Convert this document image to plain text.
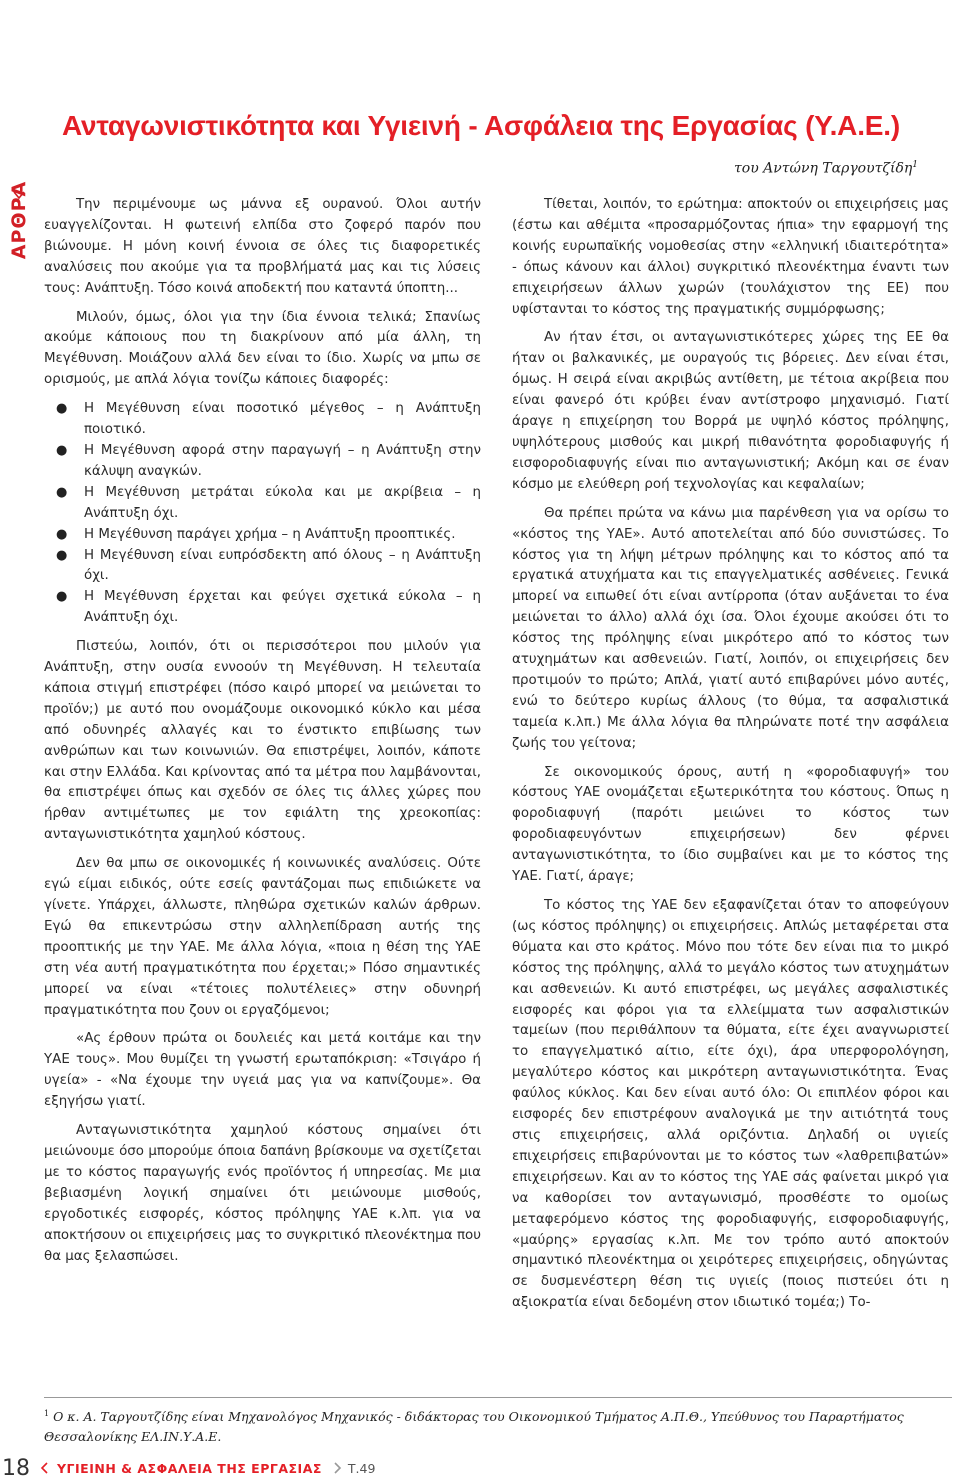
ΑΡΘΡΑ
Ανταγωνιστικότητα και Υγιεινή - Ασφάλεια της Εργασίας (Υ.Α.Ε.)
του Αντώνη Ταργουτζίδη$^1$

Την περιμένουμε ως μάννα εξ ουρανού. Όλοι αυτήν ευαγγελίζονται. Η φωτεινή ελπίδα στο ζοφερό παρόν που βιώνουμε. Η μόνη κοινή έννοια σε όλες τις διαφορετικές αναλύσεις που ακούμε για τα προβλήματά μας και τις λύσεις τους: Ανάπτυξη. Τόσο κοινά αποδεκτή που καταντά ύποπτη...

Μιλούν, όμως, όλοι για την ίδια έννοια τελικά; Σπανίως ακούμε κάποιους που τη διακρίνουν από μία άλλη, τη Μεγέθυνση. Μοιάζουν αλλά δεν είναι το ίδιο. Χωρίς να μπω σε ορισμούς, με απλά λόγια τονίζω κάποιες διαφορές:

● Η Μεγέθυνση είναι ποσοτικό μέγεθος – η Ανάπτυξη ποιοτικό.
● Η Μεγέθυνση αφορά στην παραγωγή – η Ανάπτυξη στην κάλυψη αναγκών.
● Η Μεγέθυνση μετράται εύκολα και με ακρίβεια – η Ανάπτυξη όχι.
● Η Μεγέθυνση παράγει χρήμα – η Ανάπτυξη προοπτικές.
● Η Μεγέθυνση είναι ευπρόσδεκτη από όλους – η Ανάπτυξη όχι.
● Η Μεγέθυνση έρχεται και φεύγει σχετικά εύκολα – η Ανάπτυξη όχι.

Πιστεύω, λοιπόν, ότι οι περισσότεροι που μιλούν για Ανάπτυξη, στην ουσία εννοούν τη Μεγέθυνση. Η τελευταία κάποια στιγμή επιστρέφει (πόσο καιρό μπορεί να μειώνεται το προϊόν;) με αυτό που ονομάζουμε οικονομικό κύκλο και μέσα από οδυνηρές αλλαγές και το ένστικτο επιβίωσης των ανθρώπων και των κοινωνιών. Θα επιστρέψει, λοιπόν, κάποτε και στην Ελλάδα. Και κρίνοντας από τα μέτρα που λαμβάνονται, θα επιστρέψει όπως και σχεδόν σε όλες τις άλλες χώρες που ήρθαν αντιμέτωπες με τον εφιάλτη της χρεοκοπίας: ανταγωνιστικότητα χαμηλού κόστους.

Δεν θα μπω σε οικονομικές ή κοινωνικές αναλύσεις. Ούτε εγώ είμαι ειδικός, ούτε εσείς φαντάζομαι πως επιδιώκετε να γίνετε. Υπάρχει, άλλωστε, πληθώρα σχετικών καλών άρθρων. Εγώ θα επικεντρώσω στην αλληλεπίδραση αυτής της προοπτικής με την ΥΑΕ. Με άλλα λόγια, «ποια η θέση της ΥΑΕ στη νέα αυτή πραγματικότητα που έρχεται;» Πόσο σημαντικές μπορεί να είναι «τέτοιες πολυτέλειες» στην οδυνηρή πραγματικότητα που ζουν οι εργαζόμενοι;

«Ας έρθουν πρώτα οι δουλειές και μετά κοιτάμε και την ΥΑΕ τους». Μου θυμίζει τη γνωστή ερωταπόκριση: «Τσιγάρο ή υγεία» - «Να έχουμε την υγειά μας για να καπνίζουμε». Θα εξηγήσω γιατί.

Ανταγωνιστικότητα χαμηλού κόστους σημαίνει ότι μειώνουμε όσο μπορούμε όποια δαπάνη βρίσκουμε να σχετίζεται με το κόστος παραγωγής ενός προϊόντος ή υπηρεσίας. Με μια βεβιασμένη λογική σημαίνει ότι μειώνουμε μισθούς, εργοδοτικές εισφορές, κόστος πρόληψης ΥΑΕ κ.λπ. για να αποκτήσουν οι επιχειρήσεις μας το συγκριτικό πλεονέκτημα που θα μας ξελασπώσει.

Τίθεται, λοιπόν, το ερώτημα: αποκτούν οι επιχειρήσεις μας (έστω και αθέμιτα «προσαρμόζοντας ήπια» την εφαρμογή της κοινής ευρωπαϊκής νομοθεσίας στην «ελληνική ιδιαιτερότητα» - όπως κάνουν και άλλοι) συγκριτικό πλεονέκτημα έναντι των επιχειρήσεων άλλων χωρών (τουλάχιστον της ΕΕ) που υφίστανται το κόστος της πραγματικής συμμόρφωσης;

Αν ήταν έτσι, οι ανταγωνιστικότερες χώρες της ΕΕ θα ήταν οι βαλκανικές, με ουραγούς τις βόρειες. Δεν είναι έτσι, όμως. Η σειρά είναι ακριβώς αντίθετη, με τέτοια ακρίβεια που είναι φανερό ότι κρύβει έναν αντίστροφο μηχανισμό. Γιατί άραγε η επιχείρηση του Βορρά με υψηλό κόστος πρόληψης, υψηλότερους μισθούς και μικρή πιθανότητα φοροδιαφυγής ή εισφοροδιαφυγής είναι πιο ανταγωνιστική; Ακόμη και σε έναν κόσμο με ελεύθερη ροή τεχνολογίας και κεφαλαίων;

Θα πρέπει πρώτα να κάνω μια παρένθεση για να ορίσω το «κόστος της ΥΑΕ». Αυτό αποτελείται από δύο συνιστώσες. Το κόστος για τη λήψη μέτρων πρόληψης και το κόστος από τα εργατικά ατυχήματα και τις επαγγελματικές ασθένειες. Γενικά μπορεί να ειπωθεί ότι είναι αντίρροπα (όταν αυξάνεται το ένα μειώνεται το άλλο) αλλά όχι ίσα. Όλοι έχουμε ακούσει ότι το κόστος της πρόληψης είναι μικρότερο από το κόστος των ατυχημάτων και ασθενειών. Γιατί, λοιπόν, οι επιχειρήσεις δεν προτιμούν το πρώτο; Απλά, γιατί αυτό επιβαρύνει μόνο αυτές, ενώ το δεύτερο κυρίως άλλους (το θύμα, τα ασφαλιστικά ταμεία κ.λπ.) Με άλλα λόγια θα πληρώνατε ποτέ την ασφάλεια ζωής του γείτονα;

Σε οικονομικούς όρους, αυτή η «φοροδιαφυγή» του κόστους ΥΑΕ ονομάζεται εξωτερικότητα του κόστους. Όπως η φοροδιαφυγή (παρότι μειώνει το κόστος των φοροδιαφευγόντων επιχειρήσεων) δεν φέρνει ανταγωνιστικότητα, το ίδιο συμβαίνει και με το κόστος της ΥΑΕ. Γιατί, άραγε;

Το κόστος της ΥΑΕ δεν εξαφανίζεται όταν το αποφεύγουν (ως κόστος πρόληψης) οι επιχειρήσεις. Απλώς μεταφέρεται στα θύματα και στο κράτος. Μόνο που τότε δεν είναι πια το μικρό κόστος της πρόληψης, αλλά το μεγάλο κόστος των ατυχημάτων και ασθενειών. Κι αυτό επιστρέφει, ως μεγάλες ασφαλιστικές εισφορές και φόροι για τα ελλείμματα των ασφαλιστικών ταμείων (που περιθάλπουν τα θύματα, είτε έχει αναγνωριστεί το επαγγελματικό αίτιο, είτε όχι), άρα υπερφορολόγηση, μεγαλύτερο κόστος και μικρότερη ανταγωνιστικότητα. Ένας φαύλος κύκλος. Και δεν είναι αυτό όλο: Οι επιπλέον φόροι και εισφορές δεν επιστρέφουν αναλογικά με την αιτιότητά τους στις επιχειρήσεις, αλλά οριζόντια. Δηλαδή οι υγιείς επιχειρήσεις επιβαρύνονται με το κόστος των «λαθρεπιβατών» επιχειρήσεων. Και αν το κόστος της ΥΑΕ σάς φαίνεται μικρό για να καθορίσει τον ανταγωνισμό, προσθέστε το ομοίως μεταφερόμενο κόστος της φοροδιαφυγής, εισφοροδιαφυγής, «μαύρης» εργασίας κ.λπ. Με τον τρόπο αυτό αποκτούν σημαντικό πλεονέκτημα οι χειρότερες επιχειρήσεις, οδηγώντας σε δυσμενέστερη θέση τις υγιείς (ποιος πιστεύει ότι η αξιοκρατία είναι δεδομένη στον ιδιωτικό τομέα;) Το-

$^1$ Ο κ. Α. Ταργουτζίδης είναι Μηχανολόγος Μηχανικός - διδάκτορας του Οικονομικού Τμήματος Α.Π.Θ., Υπεύθυνος του Παραρτήματος Θεσσαλονίκης ΕΛ.ΙΝ.Υ.Α.Ε.
18 ΥΓΙΕΙΝΗ & ΑΣΦΑΛΕΙΑ ΤΗΣ ΕΡΓΑΣΙΑΣ Τ.49
